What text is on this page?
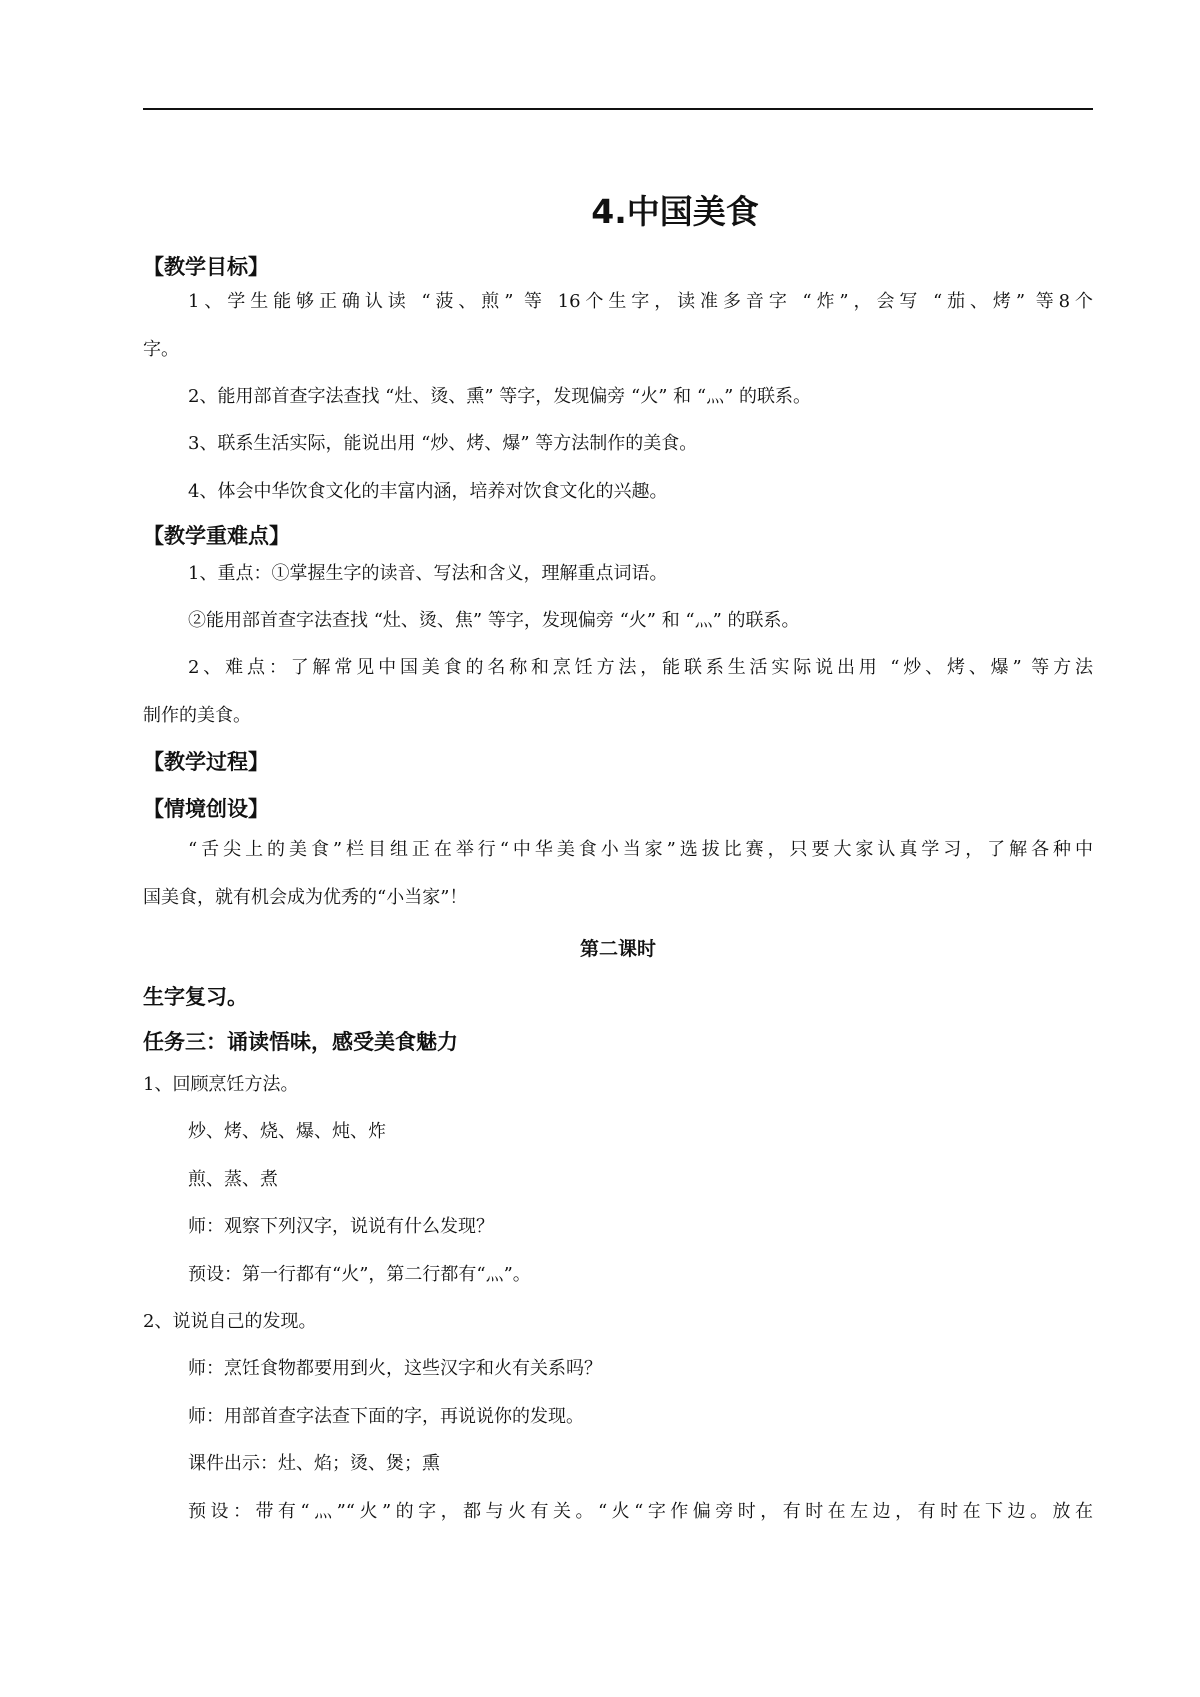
4.中国美食
【教学目标】

1、学生能够正确认读 “菠、煎” 等 16个生字，读准多音字 “炸”，会写 “茄、烤” 等8个

字。

2、能用部首查字法查找 “灶、烫、熏” 等字，发现偏旁 “火” 和 “灬” 的联系。

3、联系生活实际，能说出用 “炒、烤、爆” 等方法制作的美食。

4、体会中华饮食文化的丰富内涵，培养对饮食文化的兴趣。

【教学重难点】

1、重点：①掌握生字的读音、写法和含义，理解重点词语。

②能用部首查字法查找 “灶、烫、焦” 等字，发现偏旁 “火” 和 “灬” 的联系。

2、难点：了解常见中国美食的名称和烹饪方法，能联系生活实际说出用 “炒、烤、爆” 等方法

制作的美食。

【教学过程】
【情境创设】

“舌尖上的美食”栏目组正在举行“中华美食小当家”选拔比赛，只要大家认真学习，了解各种中

国美食，就有机会成为优秀的“小当家”！

第二课时

生字复习。
任务三：诵读悟味，感受美食魅力

1、回顾烹饪方法。

炒、烤、烧、爆、炖、炸

煎、蒸、煮

师：观察下列汉字，说说有什么发现？

预设：第一行都有“火”，第二行都有“灬”。

2、说说自己的发现。

师：烹饪食物都要用到火，这些汉字和火有关系吗？

师：用部首查字法查下面的字，再说说你的发现。

课件出示：灶、焰；烫、煲；熏

预设：带有“灬”“火”的字，都与火有关。“火“字作偏旁时，有时在左边，有时在下边。放在
